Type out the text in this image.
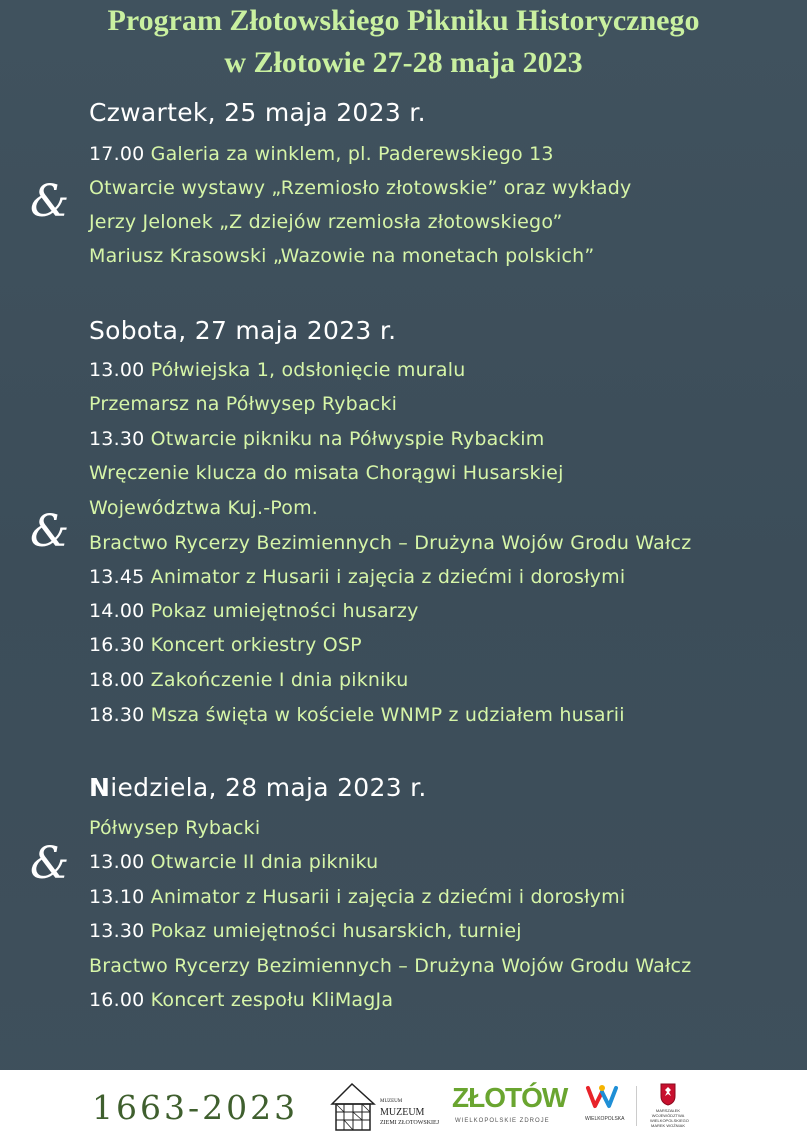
Program Złotowskiego Pikniku Historycznego
w Złotowie 27-28 maja 2023
Czwartek, 25 maja 2023 r.
17.00 Galeria za winklem, pl. Paderewskiego 13
Otwarcie wystawy „Rzemiosło złotowskie” oraz wykłady
Jerzy Jelonek „Z dziejów rzemiosła złotowskiego”
Mariusz Krasowski „Wazowie na monetach polskich”
&
Sobota, 27 maja 2023 r.
13.00 Półwiejska 1, odsłonięcie muralu
Przemarsz na Półwysep Rybacki
13.30 Otwarcie pikniku na Półwyspie Rybackim
Wręczenie klucza do misata Chorągwi Husarskiej
Województwa Kuj.-Pom.
Bractwo Rycerzy Bezimiennych – Drużyna Wojów Grodu Wałcz
13.45 Animator z Husarii i zajęcia z dziećmi i dorosłymi
14.00 Pokaz umiejętności husarzy
16.30 Koncert orkiestry OSP
18.00 Zakończenie I dnia pikniku
18.30 Msza święta w kościele WNMP z udziałem husarii
&
Niedziela, 28 maja 2023 r.
Półwysep Rybacki
13.00 Otwarcie II dnia pikniku
13.10 Animator z Husarii i zajęcia z dziećmi i dorosłymi
13.30 Pokaz umiejętności husarskich, turniej
Bractwo Rycerzy Bezimiennych – Drużyna Wojów Grodu Wałcz
16.00 Koncert zespołu KliMagJa
&
1663-2023	MUZEUM
MUZEUM
ZIEMI ZŁOTOWSKIEJ
ZŁOTÓW
WIELKOPOLSKIE ZDROJE	WIELKOPOLSKA
MARSZAŁEK WOJEWÓDZTWA WIELKOPOLSKIEGO MAREK WOŹNIAK
